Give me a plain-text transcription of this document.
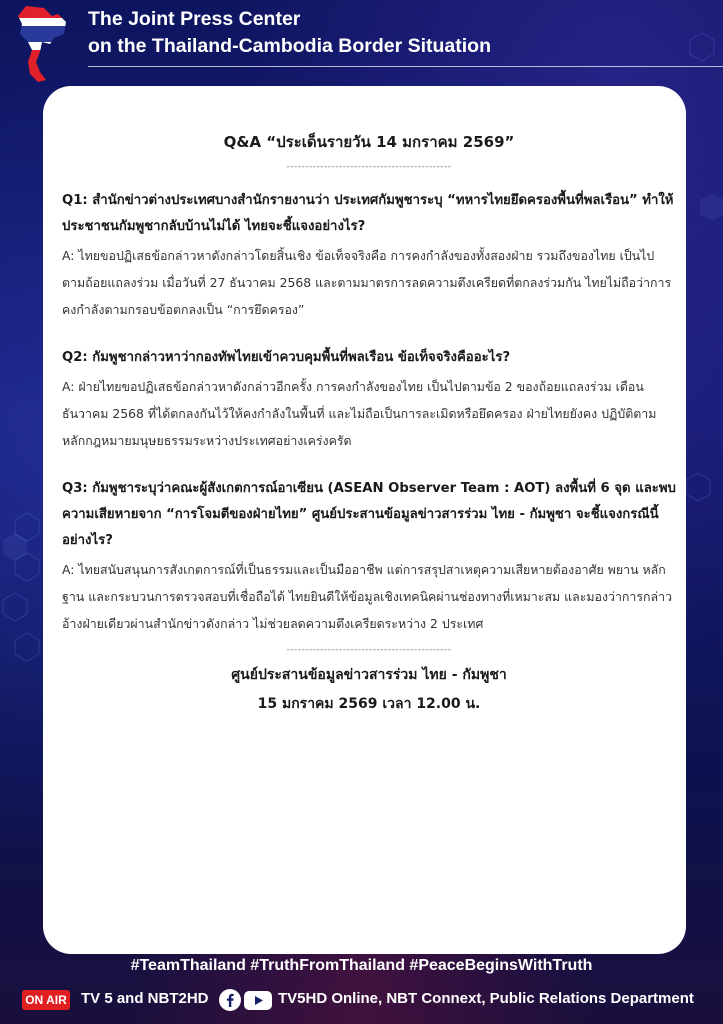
The Joint Press Center
on the Thailand-Cambodia Border Situation

Q&A “ประเด็นรายวัน 14 มกราคม 2569”

--------------------------------------------

Q1: สำนักข่าวต่างประเทศบางสำนักรายงานว่า ประเทศกัมพูชาระบุ “ทหารไทยยึดครองพื้นที่พลเรือน” ทำให้ประชาชนกัมพูชากลับบ้านไม่ได้ ไทยจะชี้แจงอย่างไร?

A: ไทยขอปฏิเสธข้อกล่าวหาดังกล่าวโดยสิ้นเชิง ข้อเท็จจริงคือ การคงกำลังของทั้งสองฝ่าย รวมถึงของไทย เป็นไปตามถ้อยแถลงร่วม เมื่อวันที่ 27 ธันวาคม 2568 และตามมาตรการลดความตึงเครียดที่ตกลงร่วมกัน ไทยไม่ถือว่าการคงกำลังตามกรอบข้อตกลงเป็น “การยึดครอง”

Q2: กัมพูชากล่าวหาว่ากองทัพไทยเข้าควบคุมพื้นที่พลเรือน ข้อเท็จจริงคืออะไร?

A: ฝ่ายไทยขอปฏิเสธข้อกล่าวหาดังกล่าวอีกครั้ง การคงกำลังของไทย เป็นไปตามข้อ 2 ของถ้อยแถลงร่วม เดือนธันวาคม 2568 ที่ได้ตกลงกันไว้ให้คงกำลังในพื้นที่ และไม่ถือเป็นการละเมิดหรือยึดครอง ฝ่ายไทยยังคง ปฏิบัติตามหลักกฎหมายมนุษยธรรมระหว่างประเทศอย่างเคร่งครัด

Q3: กัมพูชาระบุว่าคณะผู้สังเกตการณ์อาเซียน (ASEAN Observer Team : AOT) ลงพื้นที่ 6 จุด และพบความเสียหายจาก “การโจมตีของฝ่ายไทย” ศูนย์ประสานข้อมูลข่าวสารร่วม ไทย - กัมพูชา จะชี้แจงกรณีนี้อย่างไร?

A: ไทยสนับสนุนการสังเกตการณ์ที่เป็นธรรมและเป็นมืออาชีพ แต่การสรุปสาเหตุความเสียหายต้องอาศัย พยาน หลักฐาน และกระบวนการตรวจสอบที่เชื่อถือได้ ไทยยินดีให้ข้อมูลเชิงเทคนิคผ่านช่องทางที่เหมาะสม และมองว่าการกล่าวอ้างฝ่ายเดียวผ่านสำนักข่าวดังกล่าว ไม่ช่วยลดความตึงเครียดระหว่าง 2 ประเทศ

--------------------------------------------

ศูนย์ประสานข้อมูลข่าวสารร่วม ไทย - กัมพูชา

15 มกราคม 2569 เวลา 12.00 น.

#TeamThailand #TruthFromThailand #PeaceBeginsWithTruth
ON AIR TV 5 and NBT2HD	TV5HD Online, NBT Connext, Public Relations Department
